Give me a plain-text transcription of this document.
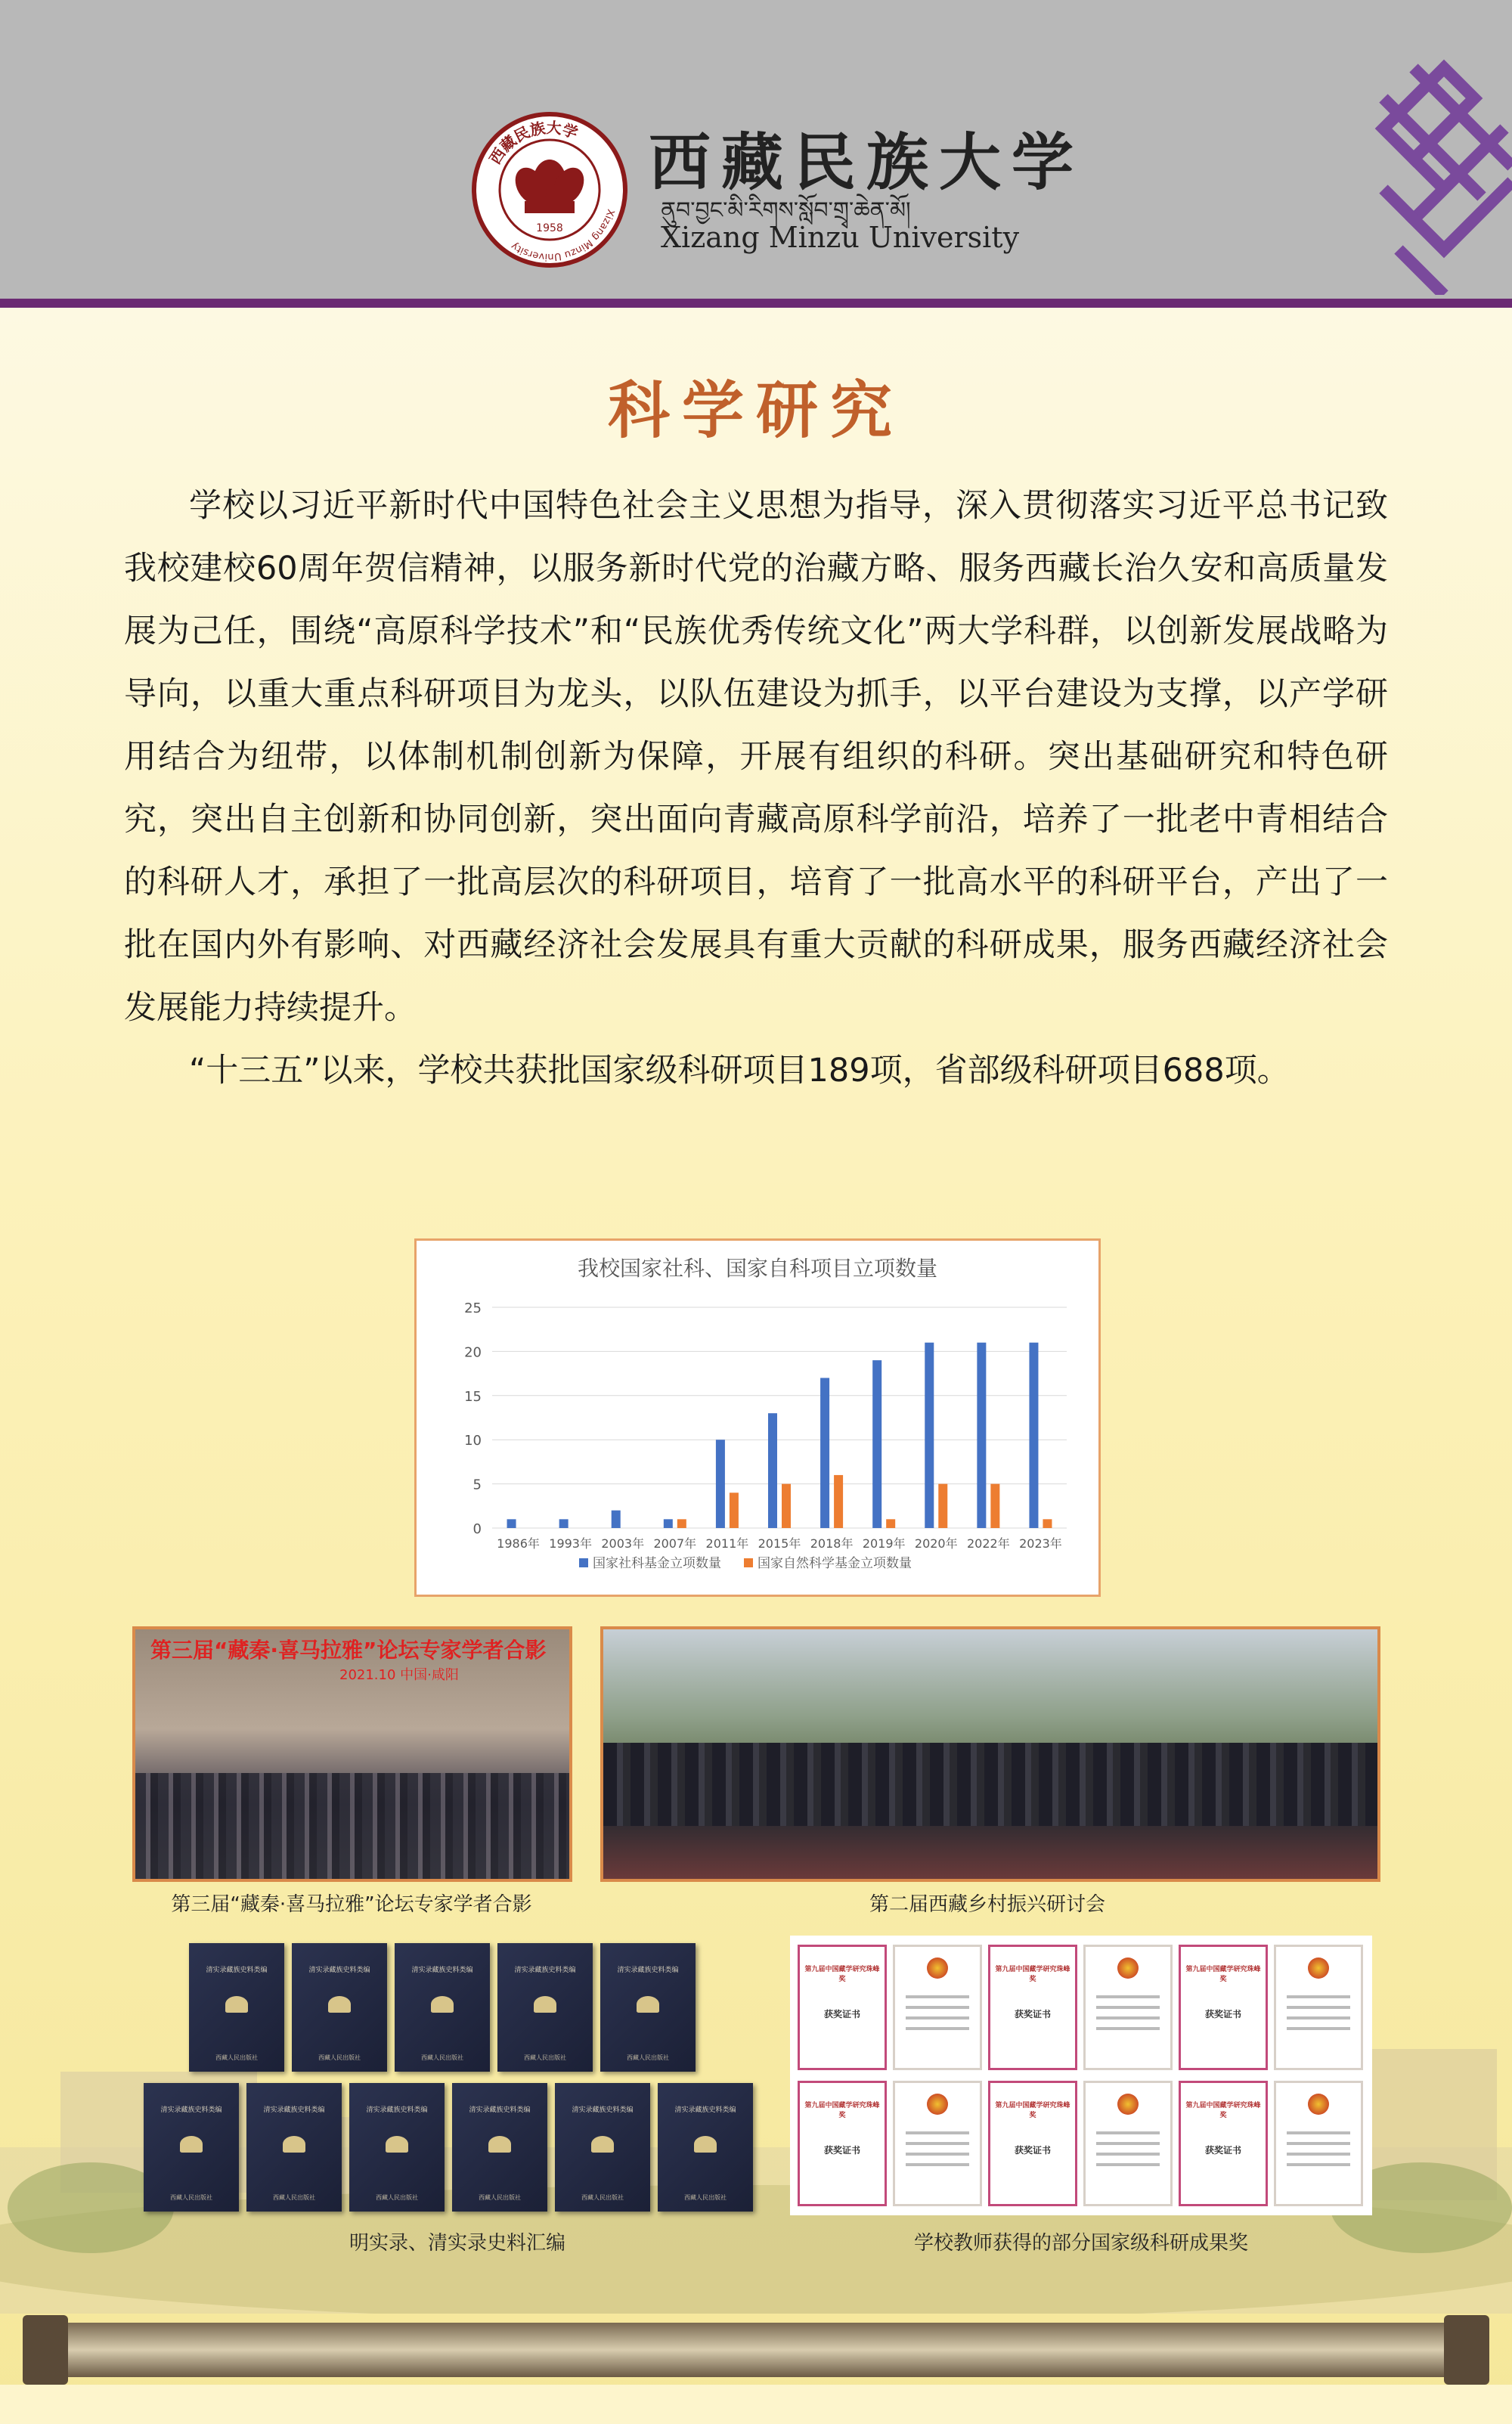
西藏民族大学
Xizang Minzu University
1958
西藏民族大学
ནུབ་བྱང་མི་རིགས་སློབ་གྲྭ་ཆེན་མོ།
Xizang Minzu University
科学研究

学校以习近平新时代中国特色社会主义思想为指导，深入贯彻落实习近平总书记致我校建校60周年贺信精神，以服务新时代党的治藏方略、服务西藏长治久安和高质量发展为己任，围绕“高原科学技术”和“民族优秀传统文化”两大学科群，以创新发展战略为导向，以重大重点科研项目为龙头，以队伍建设为抓手，以平台建设为支撑，以产学研用结合为纽带，以体制机制创新为保障，开展有组织的科研。突出基础研究和特色研究，突出自主创新和协同创新，突出面向青藏高原科学前沿，培养了一批老中青相结合的科研人才，承担了一批高层次的科研项目，培育了一批高水平的科研平台，产出了一批在国内外有影响、对西藏经济社会发展具有重大贡献的科研成果，服务西藏经济社会发展能力持续提升。

“十三五”以来，学校共获批国家级科研项目189项，省部级科研项目688项。

我校国家社科、国家自科项目立项数量
0
5
10
15
20
25
1986年 1993年 2003年 2007年 2011年 2015年 2018年 2019年 2020年 2022年 2023年
国家社科基金立项数量	国家自然科学基金立项数量
第三届“藏秦·喜马拉雅”论坛专家学者合影
2021.10 中国·咸阳
第三届“藏秦·喜马拉雅”论坛专家学者合影	第二届西藏乡村振兴研讨会
清实录藏族史料类编
西藏人民出版社
清实录藏族史料类编
西藏人民出版社
清实录藏族史料类编
西藏人民出版社
清实录藏族史料类编
西藏人民出版社
清实录藏族史料类编
西藏人民出版社
清实录藏族史料类编
西藏人民出版社
清实录藏族史料类编
西藏人民出版社
清实录藏族史料类编
西藏人民出版社
清实录藏族史料类编
西藏人民出版社
清实录藏族史料类编
西藏人民出版社
清实录藏族史料类编
西藏人民出版社
明实录、清实录史料汇编
第九届中国藏学研究珠峰奖
获奖证书
第九届中国藏学研究珠峰奖
获奖证书
第九届中国藏学研究珠峰奖
获奖证书
第九届中国藏学研究珠峰奖
获奖证书
第九届中国藏学研究珠峰奖
获奖证书
第九届中国藏学研究珠峰奖
获奖证书
学校教师获得的部分国家级科研成果奖
